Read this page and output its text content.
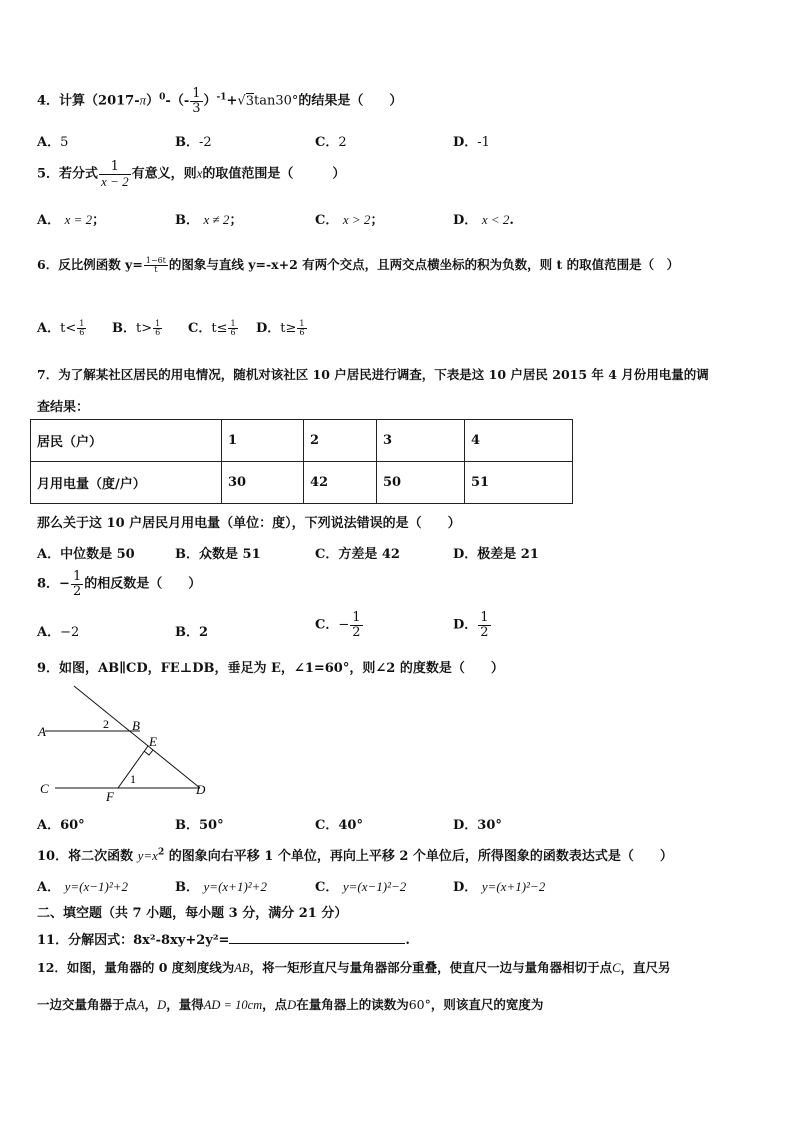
4．计算$(2017-\pi)^0-(- \frac{1}{3} )^{-1}+√3\tan 30^\circ$的结果是（　　）
A．5	B．-2	C．2	D．-1
5．若分式 $\frac{1}{x - 2}$ 有意义，则x的取值范围是（　　　）
A． x = 2；	B． x ≠ 2；	C． x > 2；	D． x < 2.
6．反比例函数 $y= \frac{1-6t}{t}$ 的图象与直线 y=-x+2 有两个交点，且两交点横坐标的积为负数，则 t 的取值范围是（　）
A．$t< \frac{1}{6}$ B．$t> \frac{1}{6}$ C．$t\le \frac{1}{6}$ D．$t\ge \frac{1}{6}$
7．为了解某社区居民的用电情况，随机对该社区 10 户居民进行调查，下表是这 10 户居民 2015 年 4 月份用电量的调
查结果：
居民（户）	1	2	3	4
月用电量（度/户）	30	42	50	51
那么关于这 10 户居民月用电量（单位：度），下列说法错误的是（　　）
A．中位数是 50	B．众数是 51	C．方差是 42	D．极差是 21
8．− $\frac{1}{2}$ 的相反数是（　　）
A．−2	B．2	C．− $\frac{1}{2}$	D． $\frac{1}{2}$
9．如图，AB∥CD，FE⊥DB，垂足为 E，∠1=60°，则∠2 的度数是（　　）
A	B
2
E
1
C
F	D
A．60°	B．50°	C．40°	D．30°
10．将二次函数 $y=x^2$ 的图象向右平移 1 个单位，再向上平移 2 个单位后，所得图象的函数表达式是（　　）
A． y=(x−1)²+2	B． y=(x+1)²+2	C． y=(x−1)²−2	D． y=(x+1)²−2
二、填空题（共 7 小题，每小题 3 分，满分 21 分）
11．分解因式：8x²-8xy+2y²=	.
12．如图，量角器的 0 度刻度线为AB，将一矩形直尺与量角器部分重叠，使直尺一边与量角器相切于点C，直尺另
一边交量角器于点A，D，量得AD = 10cm，点D在量角器上的读数为60°，则该直尺的宽度为
